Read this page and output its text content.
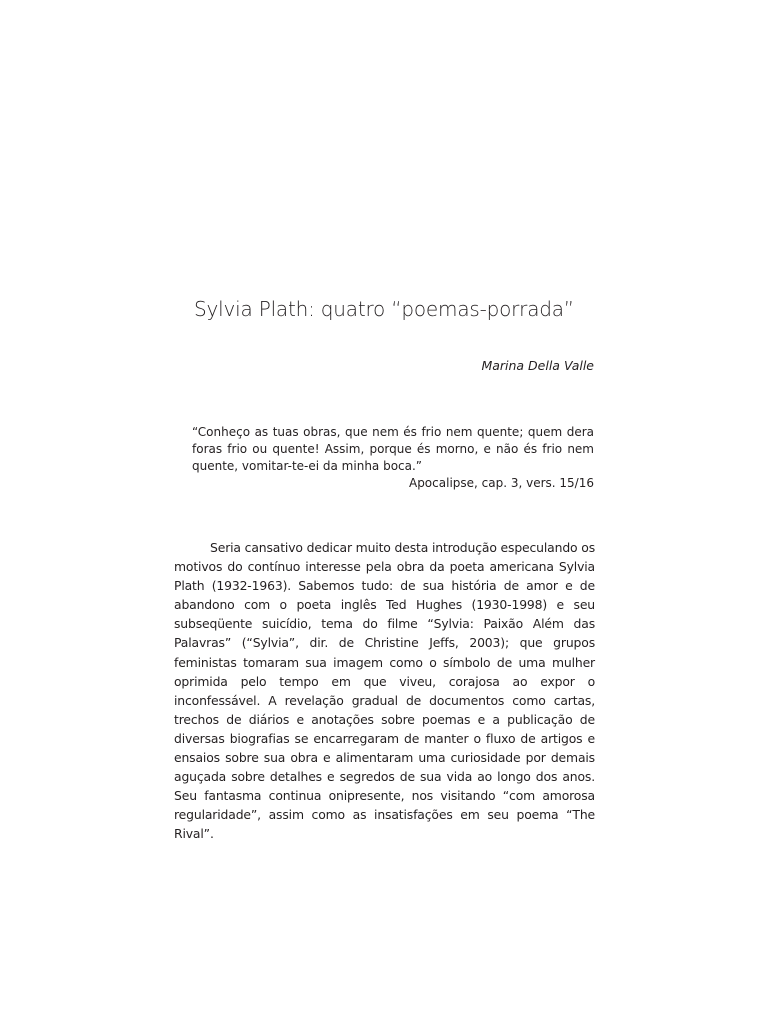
Sylvia Plath: quatro “poemas-porrada”
Marina Della Valle

“Conheço as tuas obras, que nem és frio nem quente; quem dera foras frio ou quente! Assim, porque és morno, e não és frio nem quente, vomitar-te-ei da minha boca.”

Apocalipse, cap. 3, vers. 15/16

Seria cansativo dedicar muito desta introdução especulando os motivos do contínuo interesse pela obra da poeta americana Sylvia Plath (1932-1963). Sabemos tudo: de sua história de amor e de abandono com o poeta inglês Ted Hughes (1930-1998) e seu subseqüente suicídio, tema do filme “Sylvia: Paixão Além das Palavras” (“Sylvia”, dir. de Christine Jeffs, 2003); que grupos feministas tomaram sua imagem como o símbolo de uma mulher oprimida pelo tempo em que viveu, corajosa ao expor o inconfessável. A revelação gradual de documentos como cartas, trechos de diários e anotações sobre poemas e a publicação de diversas biografias se encarregaram de manter o fluxo de artigos e ensaios sobre sua obra e alimentaram uma curiosidade por demais aguçada sobre detalhes e segredos de sua vida ao longo dos anos. Seu fantasma continua onipresente, nos visitando “com amorosa regularidade”, assim como as insatisfações em seu poema “The Rival”.
